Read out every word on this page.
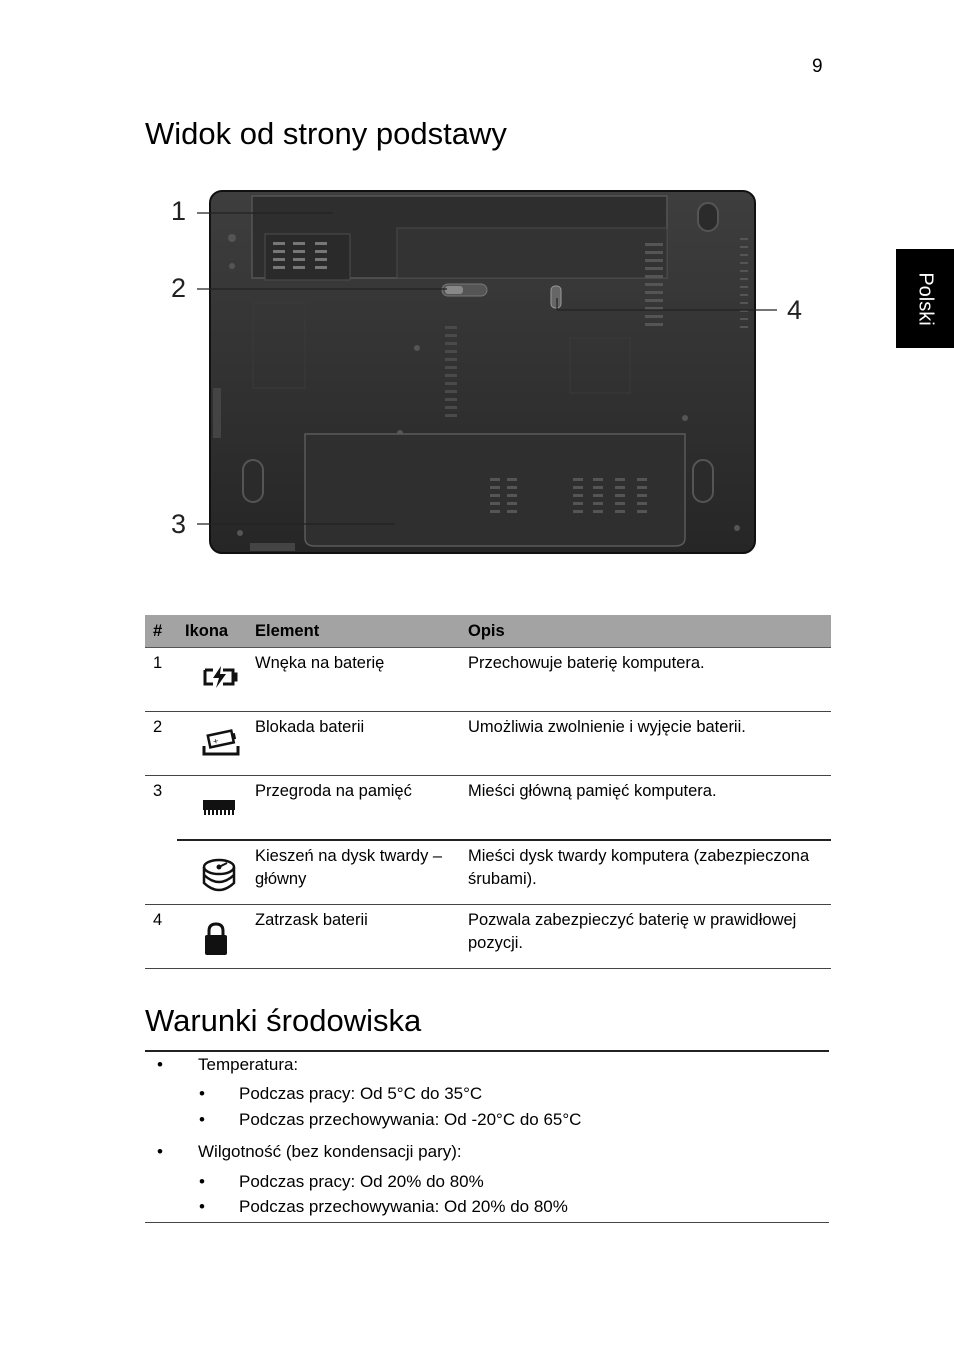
9
Polski
Widok od strony podstawy
1
2
3
4
#	Ikona	Element	Opis
1		Wnęka na baterię	Przechowuje baterię komputera.
2	+	Blokada baterii	Umożliwia zwolnienie i wyjęcie baterii.
3		Przegroda na pamięć	Mieści główną pamięć komputera.

	Kieszeń na dysk twardy – główny	Mieści dysk twardy komputera (zabezpieczona śrubami).
4		Zatrzask baterii	Pozwala zabezpieczyć baterię w prawidłowej pozycji.
Warunki środowiska
• Temperatura:
• Podczas pracy: Od 5°C do 35°C
• Podczas przechowywania: Od -20°C do 65°C
• Wilgotność (bez kondensacji pary):
• Podczas pracy: Od 20% do 80%
• Podczas przechowywania: Od 20% do 80%
